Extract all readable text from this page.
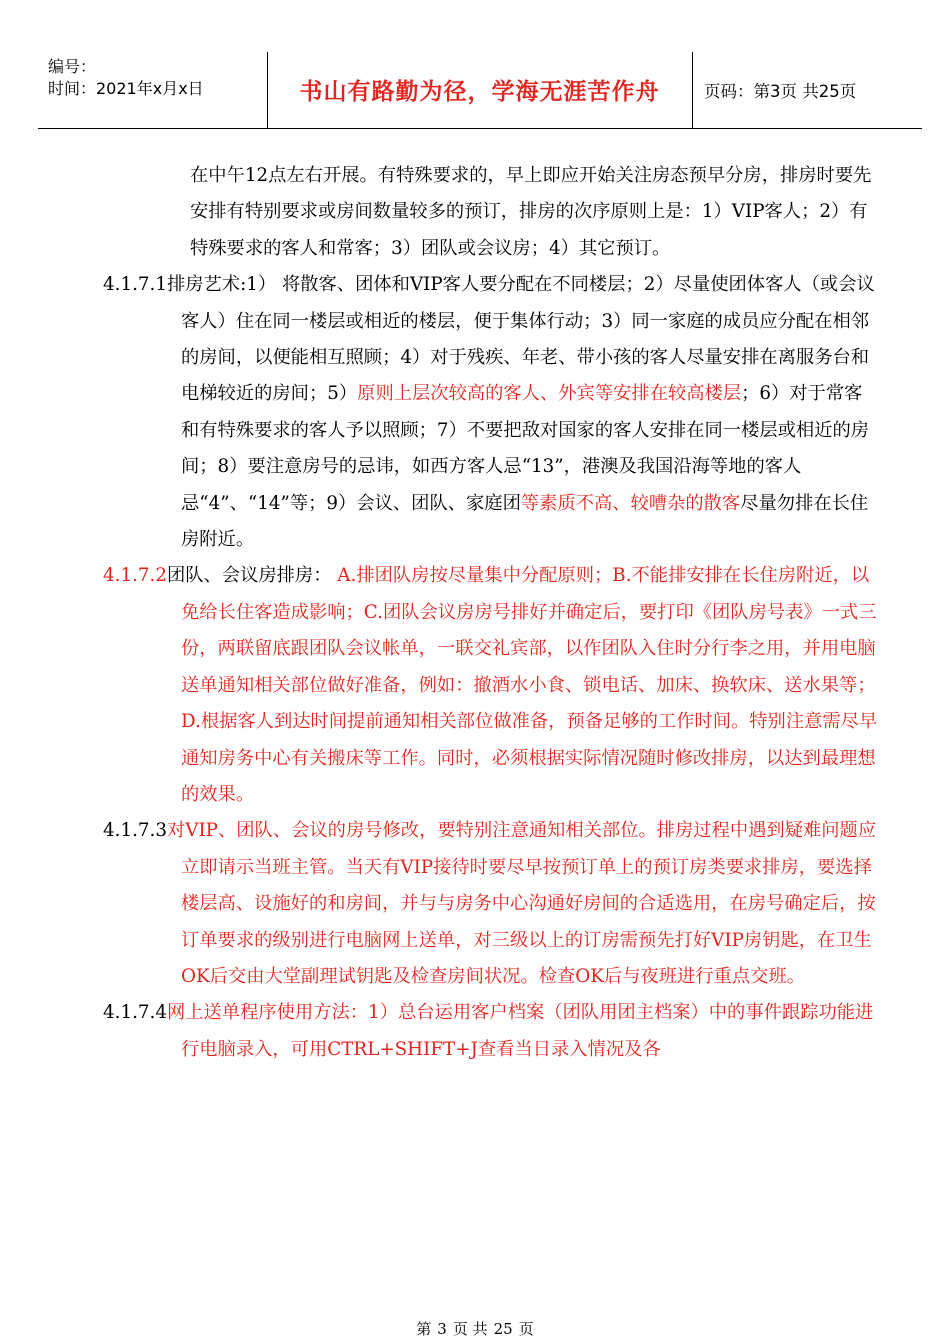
编号：
时间：2021年x月x日	书山有路勤为径，学海无涯苦作舟	页码：第3页 共25页
在中午12点左右开展。有特殊要求的，早上即应开始关注房态预早分房，排房时要先安排有特别要求或房间数量较多的预订，排房的次序原则上是：1）VIP客人；2）有特殊要求的客人和常客；3）团队或会议房；4）其它预订。
4.1.7.1排房艺术:1） 将散客、团体和VIP客人要分配在不同楼层；2）尽量使团体客人（或会议客人）住在同一楼层或相近的楼层，便于集体行动；3）同一家庭的成员应分配在相邻的房间，以便能相互照顾；4）对于残疾、年老、带小孩的客人尽量安排在离服务台和电梯较近的房间；5）原则上层次较高的客人、外宾等安排在较高楼层；6）对于常客和有特殊要求的客人予以照顾；7）不要把敌对国家的客人安排在同一楼层或相近的房间；8）要注意房号的忌讳，如西方客人忌“13”，港澳及我国沿海等地的客人忌“4”、“14”等；9）会议、团队、家庭团等素质不高、较嘈杂的散客尽量勿排在长住房附近。
4.1.7.2团队、会议房排房： A.排团队房按尽量集中分配原则；B.不能排安排在长住房附近，以免给长住客造成影响；C.团队会议房房号排好并确定后，要打印《团队房号表》一式三份，两联留底跟团队会议帐单，一联交礼宾部，以作团队入住时分行李之用，并用电脑送单通知相关部位做好准备，例如：撤酒水小食、锁电话、加床、换软床、送水果等；D.根据客人到达时间提前通知相关部位做准备，预备足够的工作时间。特别注意需尽早通知房务中心有关搬床等工作。同时，必须根据实际情况随时修改排房，以达到最理想的效果。
4.1.7.3对VIP、团队、会议的房号修改，要特别注意通知相关部位。排房过程中遇到疑难问题应立即请示当班主管。当天有VIP接待时要尽早按预订单上的预订房类要求排房，要选择楼层高、设施好的和房间，并与与房务中心沟通好房间的合适选用，在房号确定后，按订单要求的级别进行电脑网上送单，对三级以上的订房需预先打好VIP房钥匙，在卫生OK后交由大堂副理试钥匙及检查房间状况。检查OK后与夜班进行重点交班。
4.1.7.4网上送单程序使用方法：1）总台运用客户档案（团队用团主档案）中的事件跟踪功能进行电脑录入，可用CTRL+SHIFT+J查看当日录入情况及各
第 3 页 共 25 页
